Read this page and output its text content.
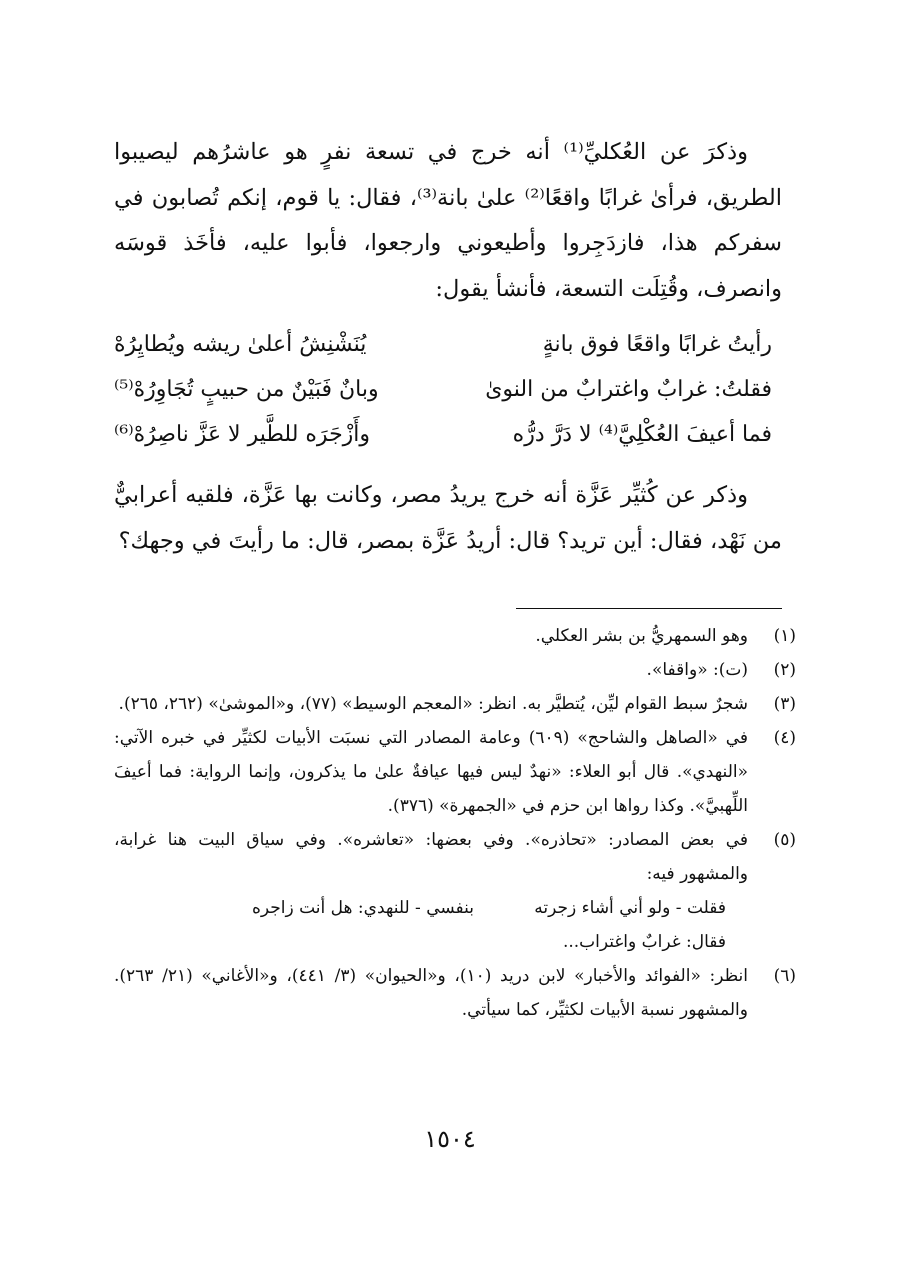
وذكرَ عن العُكليِّ⁽¹⁾ أنه خرج في تسعة نفرٍ هو عاشرُهم ليصيبوا الطريق، فرأىٰ غرابًا واقعًا⁽²⁾ علىٰ بانة⁽³⁾، فقال: يا قوم، إنكم تُصابون في سفركم هذا، فازدَجِروا وأطيعوني وارجعوا، فأبوا عليه، فأخَذ قوسَه وانصرف، وقُتِلَت التسعة، فأنشأ يقول:

رأيتُ غرابًا واقعًا فوق بانةٍ
يُنَشْنِشُ أعلىٰ ريشه ويُطايِرُهْ
فقلتُ: غرابٌ واغترابٌ من النوىٰ
وبانٌ فَبَيْنٌ من حبيبٍ تُجَاوِرُهْ⁽⁵⁾
فما أعيفَ العُكْلِيَّ⁽⁴⁾ لا دَرَّ درُّه
وأَزْجَرَه للطَّير لا عَزَّ ناصِرُهْ⁽⁶⁾

وذكر عن كُثيِّر عَزَّة أنه خرج يريدُ مصر، وكانت بها عَزَّة، فلقيه أعرابيٌّ من نَهْد، فقال: أين تريد؟ قال: أريدُ عَزَّة بمصر، قال: ما رأيتَ في وجهك؟

(١)
وهو السمهريُّ بن بشر العكلي.
(٢)
(ت): «واقفا».
(٣)
شجرٌ سبط القوام ليِّن، يُتطيَّر به. انظر: «المعجم الوسيط» (٧٧)، و«الموشىٰ» (٢٦٢، ٢٦٥).
(٤)
في «الصاهل والشاحج» (٦٠٩) وعامة المصادر التي نسبَت الأبيات لكثيِّر في خبره الآتي: «النهدي». قال أبو العلاء: «نهدٌ ليس فيها عيافةٌ علىٰ ما يذكرون، وإنما الرواية: فما أعيفَ اللِّهبيَّ». وكذا رواها ابن حزم في «الجمهرة» (٣٧٦).
(٥)
في بعض المصادر: «تحاذره». وفي بعضها: «تعاشره». وفي سياق البيت هنا غرابة، والمشهور فيه:
فقلت - ولو أني أشاء زجرته
بنفسي - للنهدي: هل أنت زاجره
فقال: غرابٌ واغتراب...
(٦)
انظر: «الفوائد والأخبار» لابن دريد (١٠)، و«الحيوان» (٣/ ٤٤١)، و«الأغاني» (٢١/ ٢٦٣). والمشهور نسبة الأبيات لكثيِّر، كما سيأتي.
١٥٠٤
